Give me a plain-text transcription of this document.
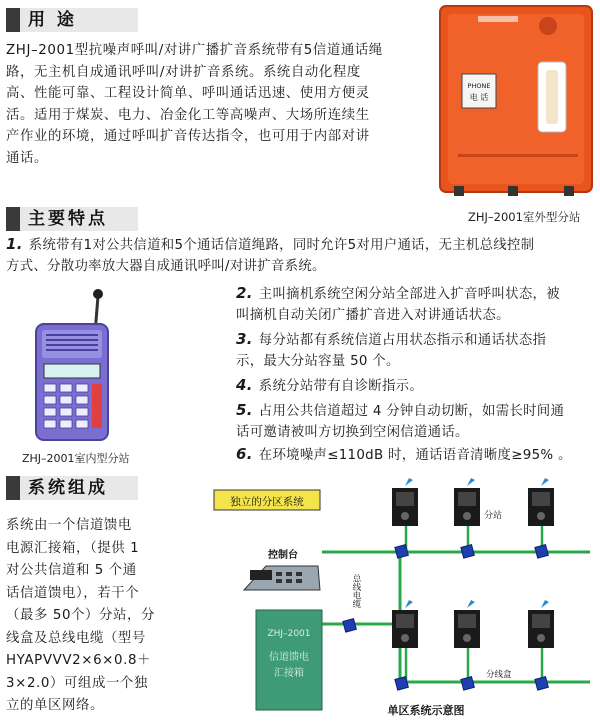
用 途
ZHJ–2001型抗噪声呼叫/对讲广播扩音系统带有5信道通话绳
路，无主机自成通讯呼叫/对讲扩音系统。系统自动化程度
高、性能可靠、工程设计简单、呼叫通话迅速、使用方便灵
活。适用于煤炭、电力、冶金化工等高噪声、大场所连续生
产作业的环境，通过呼叫扩音传达指令，也可用于内部对讲
通话。
PHONE
电 话
ZHJ–2001室外型分站
主要特点
1. 系统带有1对公共信道和5个通话信道绳路，同时允许5对用户通话，无主机总线控制
方式、分散功率放大器自成通讯呼叫/对讲扩音系统。
ZHJ–2001室内型分站
2. 主叫摘机系统空闲分站全部进入扩音呼叫状态，被
叫摘机自动关闭广播扩音进入对讲通话状态。
3. 每分站都有系统信道占用状态指示和通话状态指
示，最大分站容量 50 个。
4. 系统分站带有自诊断指示。
5. 占用公共信道超过 4 分钟自动切断，如需长时间通
话可邀请被叫方切换到空闲信道通话。
6. 在环境噪声≤110dB 时，通话语音清晰度≥95% 。
系统组成
系统由一个信道馈电
电源汇接箱，（提供 1
对公共信道和 5 个通
话信道馈电），若干个
（最多 50个）分站，分
线盒及总线电缆（型号
HYAPVVV2×6×0.8＋
3×2.0）可组成一个独
立的单区网络。
独立的分区系统
分站
控制台
ZHJ–2001
信道馈电
汇接箱
总线电缆
分线盒
单区系统示意图
